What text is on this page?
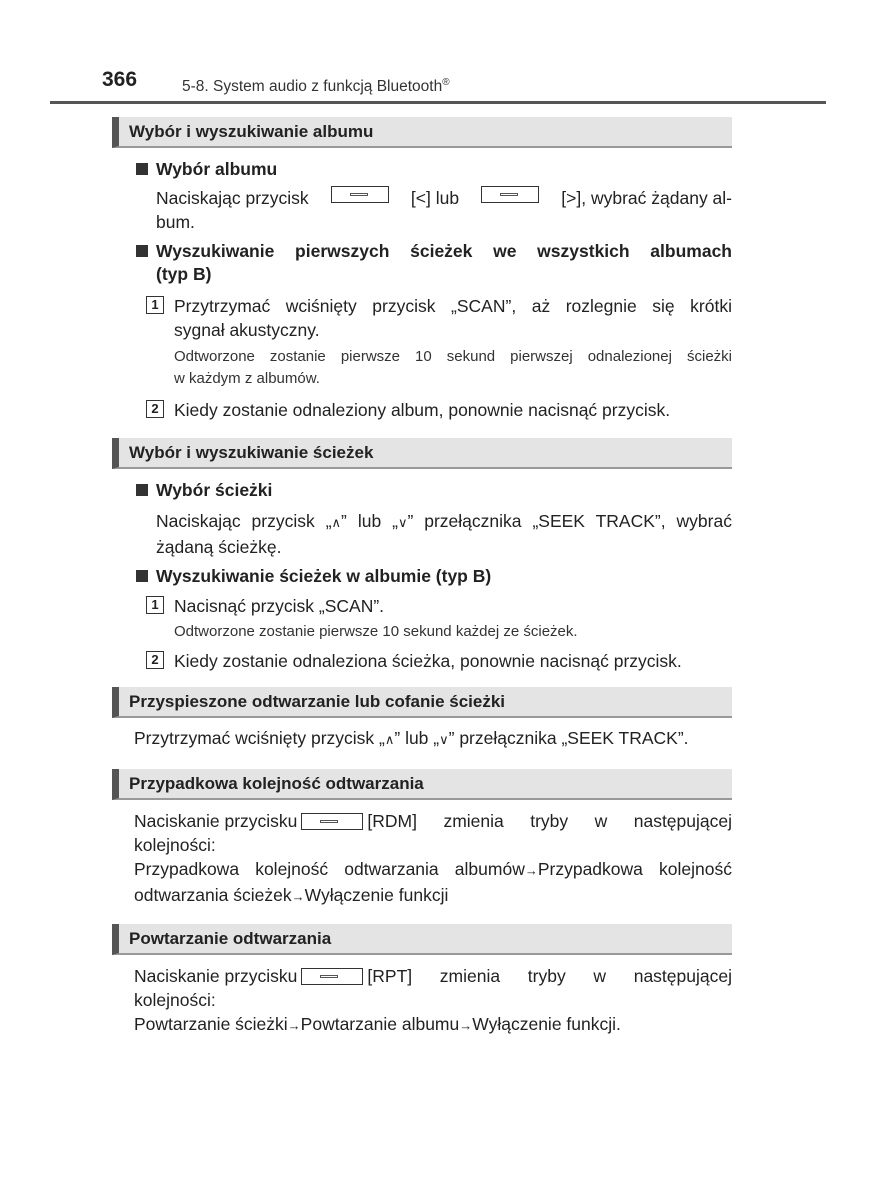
366	5-8. System audio z funkcją Bluetooth®
Wybór i wyszukiwanie albumu
Wybór albumu
Naciskając przycisk	[<] lub	[>], wybrać żądany al-
bum.
Wyszukiwanie pierwszych ścieżek we wszystkich albumach
(typ B)
1 Przytrzymać wciśnięty przycisk „SCAN”, aż rozlegnie się krótki
sygnał akustyczny.
Odtworzone zostanie pierwsze 10 sekund pierwszej odnalezionej ścieżki
w każdym z albumów.
2 Kiedy zostanie odnaleziony album, ponownie nacisnąć przycisk.
Wybór i wyszukiwanie ścieżek
Wybór ścieżki
Naciskając przycisk „∧” lub „∨” przełącznika „SEEK TRACK”, wybrać
żądaną ścieżkę.
Wyszukiwanie ścieżek w albumie (typ B)
1 Nacisnąć przycisk „SCAN”.
Odtworzone zostanie pierwsze 10 sekund każdej ze ścieżek.
2 Kiedy zostanie odnaleziona ścieżka, ponownie nacisnąć przycisk.
Przyspieszone odtwarzanie lub cofanie ścieżki
Przytrzymać wciśnięty przycisk „∧” lub „∨” przełącznika „SEEK TRACK”.
Przypadkowa kolejność odtwarzania
Naciskanie przycisku	[RDM] zmienia tryby w następującej
kolejności:
Przypadkowa kolejność odtwarzania albumów→Przypadkowa kolejność
odtwarzania ścieżek→Wyłączenie funkcji
Powtarzanie odtwarzania
Naciskanie przycisku	[RPT] zmienia tryby w następującej
kolejności:
Powtarzanie ścieżki→Powtarzanie albumu→Wyłączenie funkcji.
